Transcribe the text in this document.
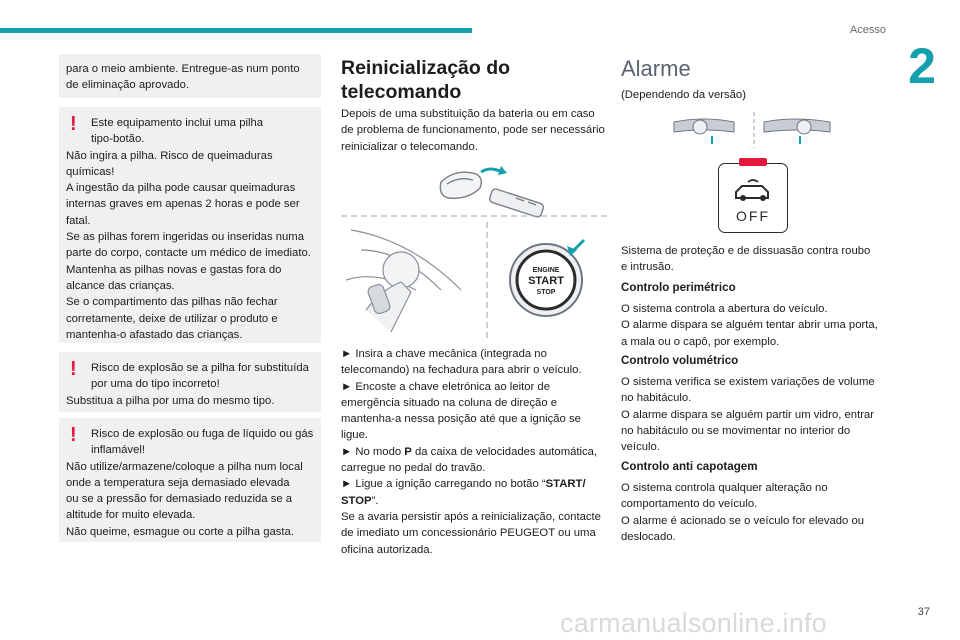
Acesso
2
para o meio ambiente. Entregue-as num ponto
de eliminação aprovado.
!	Este equipamento inclui uma pilha
tipo-botão.
Não ingira a pilha. Risco de queimaduras
químicas!
A ingestão da pilha pode causar queimaduras
internas graves em apenas 2 horas e pode ser
fatal.
Se as pilhas forem ingeridas ou inseridas numa
parte do corpo, contacte um médico de imediato.
Mantenha as pilhas novas e gastas fora do
alcance das crianças.
Se o compartimento das pilhas não fechar
corretamente, deixe de utilizar o produto e
mantenha-o afastado das crianças.
!	Risco de explosão se a pilha for substituída
por uma do tipo incorreto!
Substitua a pilha por uma do mesmo tipo.
!	Risco de explosão ou fuga de líquido ou gás
inflamável!
Não utilize/armazene/coloque a pilha num local
onde a temperatura seja demasiado elevada
ou se a pressão for demasiado reduzida se a
altitude for muito elevada.
Não queime, esmague ou corte a pilha gasta.
Reinicialização do
telecomando
Depois de uma substituição da bateria ou em caso
de problema de funcionamento, pode ser necessário
reinicializar o telecomando.
ENGINE
START
STOP
► Insira a chave mecânica (integrada no
telecomando) na fechadura para abrir o veículo.
► Encoste a chave eletrónica ao leitor de
emergência situado na coluna de direção e
mantenha-a nessa posição até que a ignição se
ligue.
► No modo P da caixa de velocidades automática,
carregue no pedal do travão.
► Ligue a ignição carregando no botão “START/
STOP”.
Se a avaria persistir após a reinicialização, contacte
de imediato um concessionário PEUGEOT ou uma
oficina autorizada.
Alarme
(Dependendo da versão)
OFF
Sistema de proteção e de dissuasão contra roubo
e intrusão.
Controlo perimétrico
O sistema controla a abertura do veículo.
O alarme dispara se alguém tentar abrir uma porta,
a mala ou o capô, por exemplo.
Controlo volumétrico
O sistema verifica se existem variações de volume
no habitáculo.
O alarme dispara se alguém partir um vidro, entrar
no habitáculo ou se movimentar no interior do
veículo.
Controlo anti capotagem
O sistema controla qualquer alteração no
comportamento do veículo.
O alarme é acionado se o veículo for elevado ou
deslocado.
carmanualsonline.info	37
